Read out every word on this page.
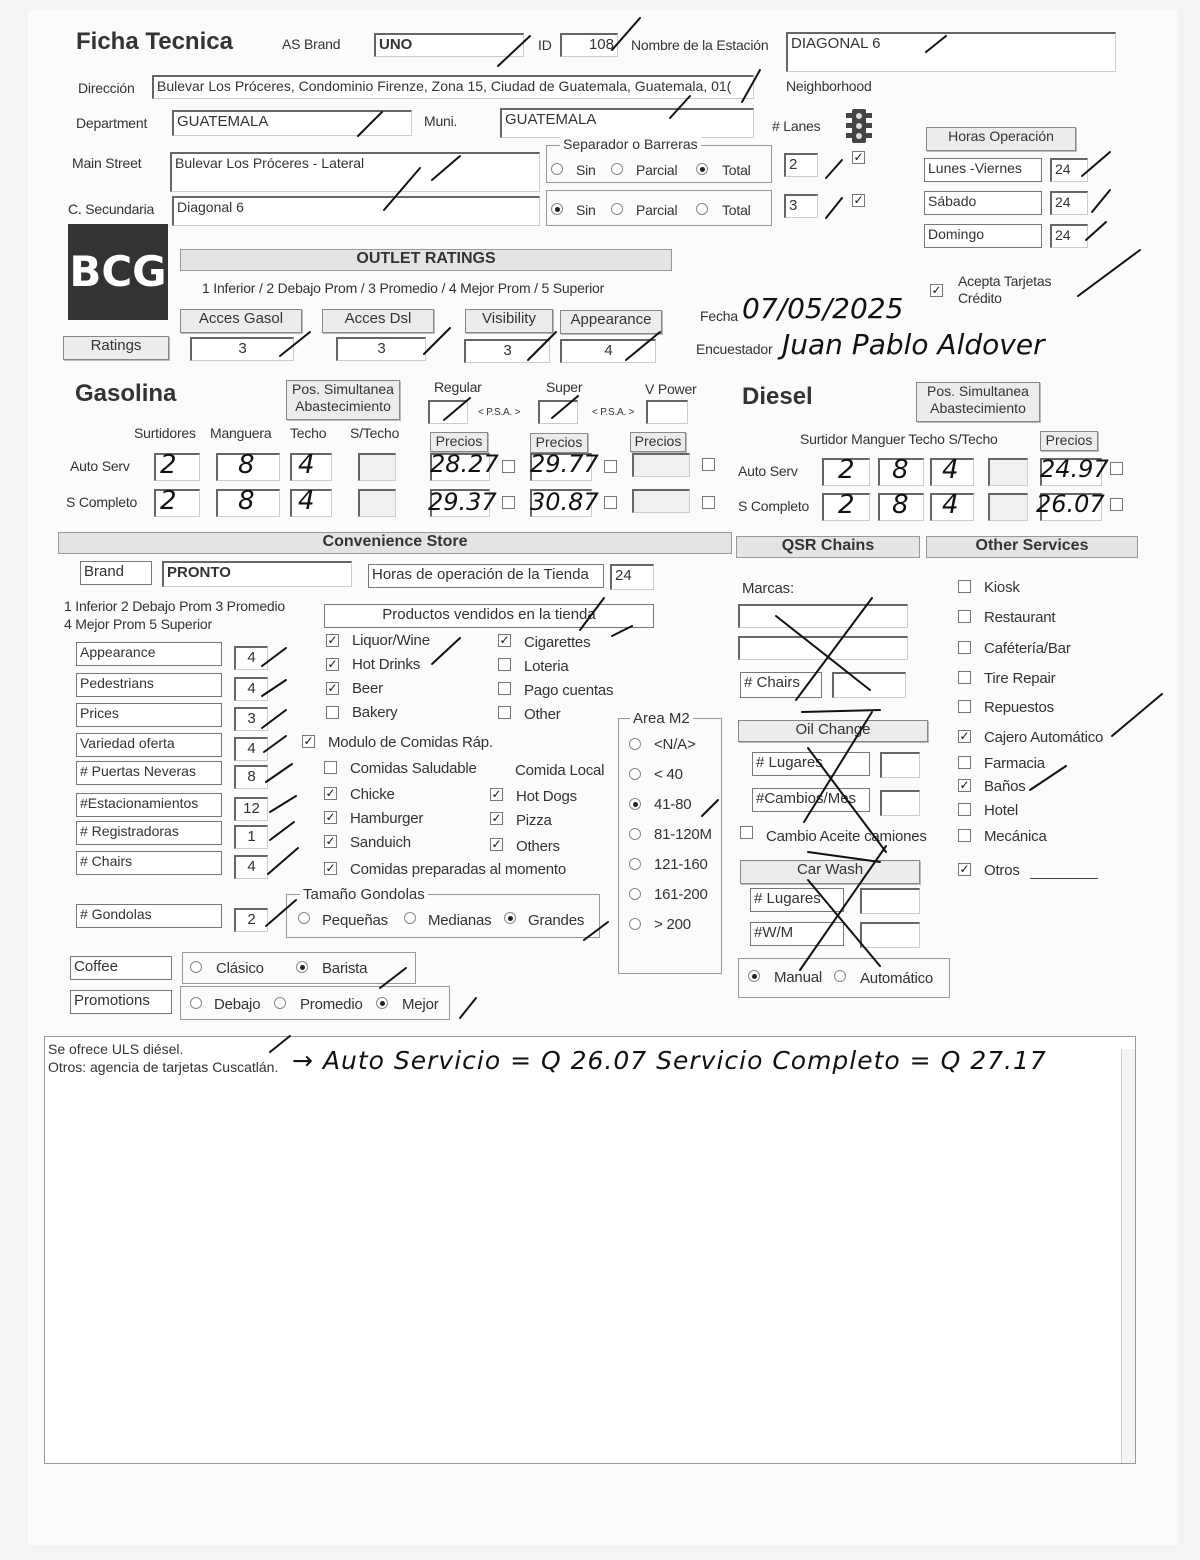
Ficha Tecnica	AS Brand	UNO	ID	108 Nombre de la Estación	DIAGONAL 6
Dirección	Bulevar Los Próceres, Condominio Firenze, Zona 15, Ciudad de Guatemala, Guatemala, 01(	Neighborhood
Department	GUATEMALA	Muni.	GUATEMALA	# Lanes
Main Street	Bulevar Los Próceres - Lateral
Separador o Barreras
Sin	Parcial	Total	2	✓
C. Secundaria	Diagonal 6	Sin	Parcial	Total	3	✓
Horas Operación
Lunes -Viernes	24
Sábado	24
Domingo	24
✓
Acepta Tarjetas Crédito
BCG	OUTLET RATINGS
1 Inferior / 2 Debajo Prom / 3 Promedio / 4 Mejor Prom / 5 Superior
Acces Gasol	Acces Dsl	Visibility	Appearance
Ratings	3	3	3	4
Fecha 07/05/2025
Encuestador Juan Pablo Aldover
Gasolina	Pos. Simultanea Abastecimiento
Regular	Super	V Power
< P.S.A. >	< P.S.A. >
Surtidores Manguera Techo S/Techo	Precios	Precios	Precios
Auto Serv 2 8 4	28.27 29.77
S Completo 2 8 4	29.37 30.87
Diesel	Pos. Simultanea Abastecimiento
Surtidor Manguer Techo S/Techo	Precios
Auto Serv 2 8 4	24.97
S Completo 2 8 4	26.07
Convenience Store	QSR Chains	Other Services
Brand	PRONTO	Horas de operación de la Tienda	24
1 Inferior 2 Debajo Prom 3 Promedio
4 Mejor Prom 5 Superior
Productos vendidos en la tienda
Appearance	4
Pedestrians	4
Prices	3
Variedad oferta	4
# Puertas Neveras	8
#Estacionamientos	12
# Registradoras	1
# Chairs	4
# Gondolas	2
✓ Liquor/Wine
✓ Hot Drinks
✓ Beer
Bakery
✓ Cigarettes
Loteria
Pago cuentas
Other
✓ Modulo de Comidas Ráp.
Comidas Saludable	Comida Local
✓ Chicke
✓ Hamburger
✓ Sanduich
✓ Comidas preparadas al momento
✓ Hot Dogs
✓ Pizza
✓ Others
Tamaño Gondolas
Pequeñas	Medianas Grandes
Coffee	Clásico	Barista
Promotions	Debajo	Promedio	Mejor
Area M2
<N/A>
< 40
41-80
81-120M
121-160
161-200
> 200
Marcas:
# Chairs
Oil Change
# Lugares
#Cambios/Mes
Cambio Aceite camiones
Car Wash
# Lugares
#W/M
Manual	Automático
Kiosk
Restaurant
Cafétería/Bar
Tire Repair
Repuestos
✓ Cajero Automático
Farmacia
✓ Baños
Hotel
Mecánica
✓ Otros
Se ofrece ULS diésel.
Otros: agencia de tarjetas Cuscatlán. → Auto Servicio = Q 26.07 Servicio Completo = Q 27.17
